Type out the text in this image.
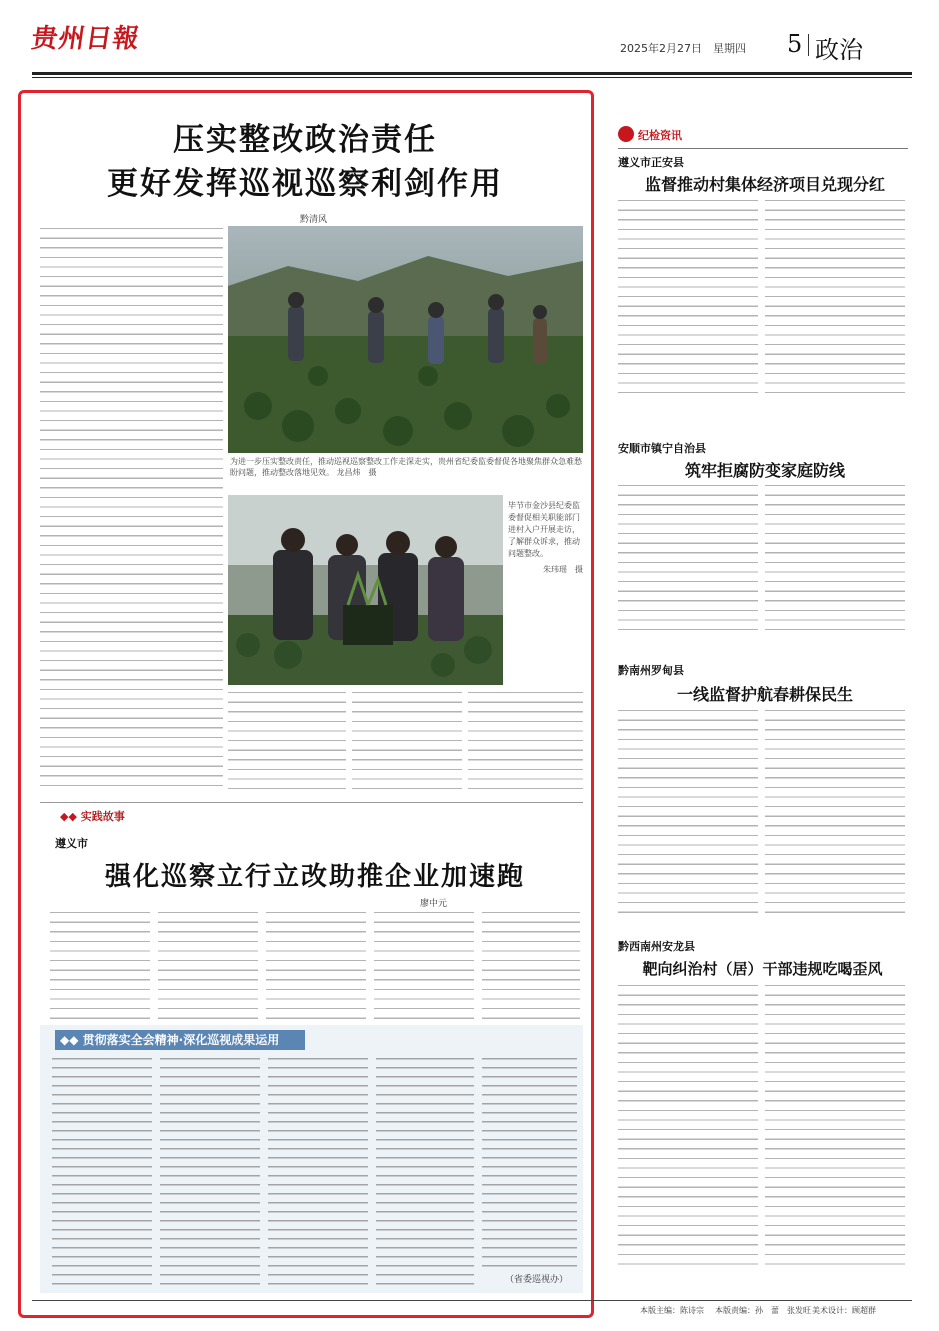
贵州日報	2025年2月27日　星期四 5 政治
压实整改政治责任
更好发挥巡视巡察利剑作用
黔清风
为进一步压实整改责任，推动巡视巡察整改工作走深走实，贵州省纪委监委督促各地聚焦群众急难愁盼问题，推动整改落地见效。 龙昌炜　摄
毕节市金沙县纪委监委督促相关职能部门进村入户开展走访，了解群众诉求，推动问题整改。
朱玮瑶　摄
◆◆ 实践故事
遵义市
强化巡察立行立改助推企业加速跑
廖中元
◆◆ 贯彻落实全会精神·深化巡视成果运用
（省委巡视办）
纪检资讯
遵义市正安县
监督推动村集体经济项目兑现分红
安顺市镇宁自治县
筑牢拒腐防变家庭防线
黔南州罗甸县
一线监督护航春耕保民生
黔西南州安龙县
靶向纠治村（居）干部违规吃喝歪风
本版主编：陈诗宗 本版责编：孙　蕾　张发旺 美术设计：顾超群
